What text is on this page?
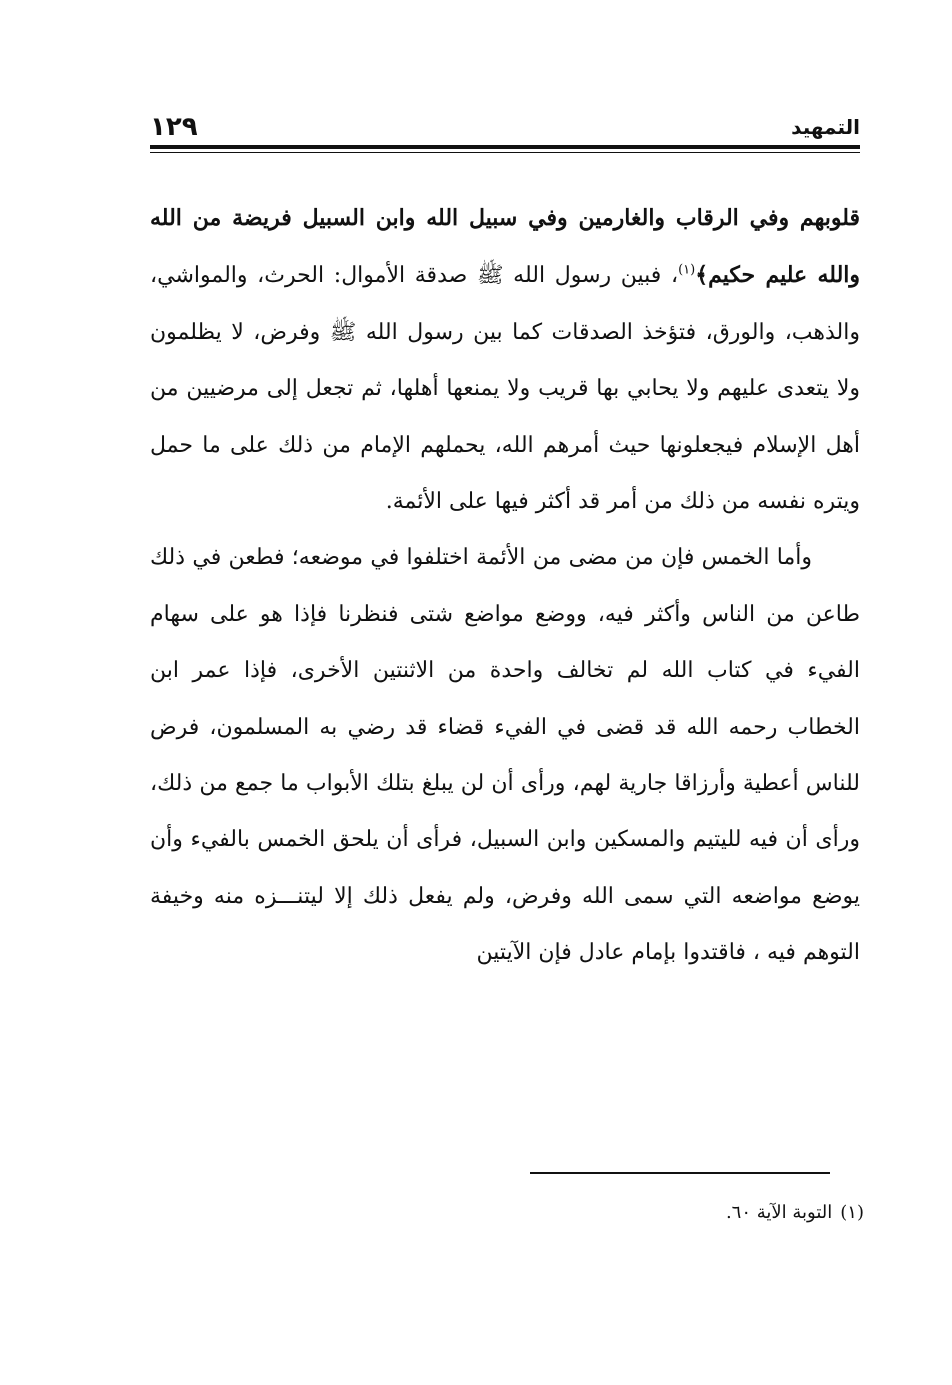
١٢٩	التمهيد

قلوبهم وفي الرقاب والغارمين وفي سبيل الله وابن السبيل فريضة من الله والله عليم حكيم﴾$^{(١)}$، فبين رسول الله ﷺ صدقة الأموال: الحرث، والمواشي، والذهب، والورق، فتؤخذ الصدقات كما بين رسول الله ﷺ وفرض، لا يظلمون ولا يتعدى عليهم ولا يحابي بها قريب ولا يمنعها أهلها، ثم تجعل إلى مرضيين من أهل الإسلام فيجعلونها حيث أمرهم الله، يحملهم الإمام من ذلك على ما حمل ويتره نفسه من ذلك من أمر قد أكثر فيها على الأئمة.

وأما الخمس فإن من مضى من الأئمة اختلفوا في موضعه؛ فطعن في ذلك طاعن من الناس وأكثر فيه، ووضع مواضع شتى فنظرنا فإذا هو على سهام الفيء في كتاب الله لم تخالف واحدة من الاثنتين الأخرى، فإذا عمر ابن الخطاب رحمه الله قد قضى في الفيء قضاء قد رضي به المسلمون، فرض للناس أعطية وأرزاقا جارية لهم، ورأى أن لن يبلغ بتلك الأبواب ما جمع من ذلك، ورأى أن فيه لليتيم والمسكين وابن السبيل، فرأى أن يلحق الخمس بالفيء وأن يوضع مواضعه التي سمى الله وفرض، ولم يفعل ذلك إلا ليتنـــزه منه وخيفة التوهم فيه ، فاقتدوا بإمام عادل فإن الآيتين

(١)التوبة الآية ٦٠.
